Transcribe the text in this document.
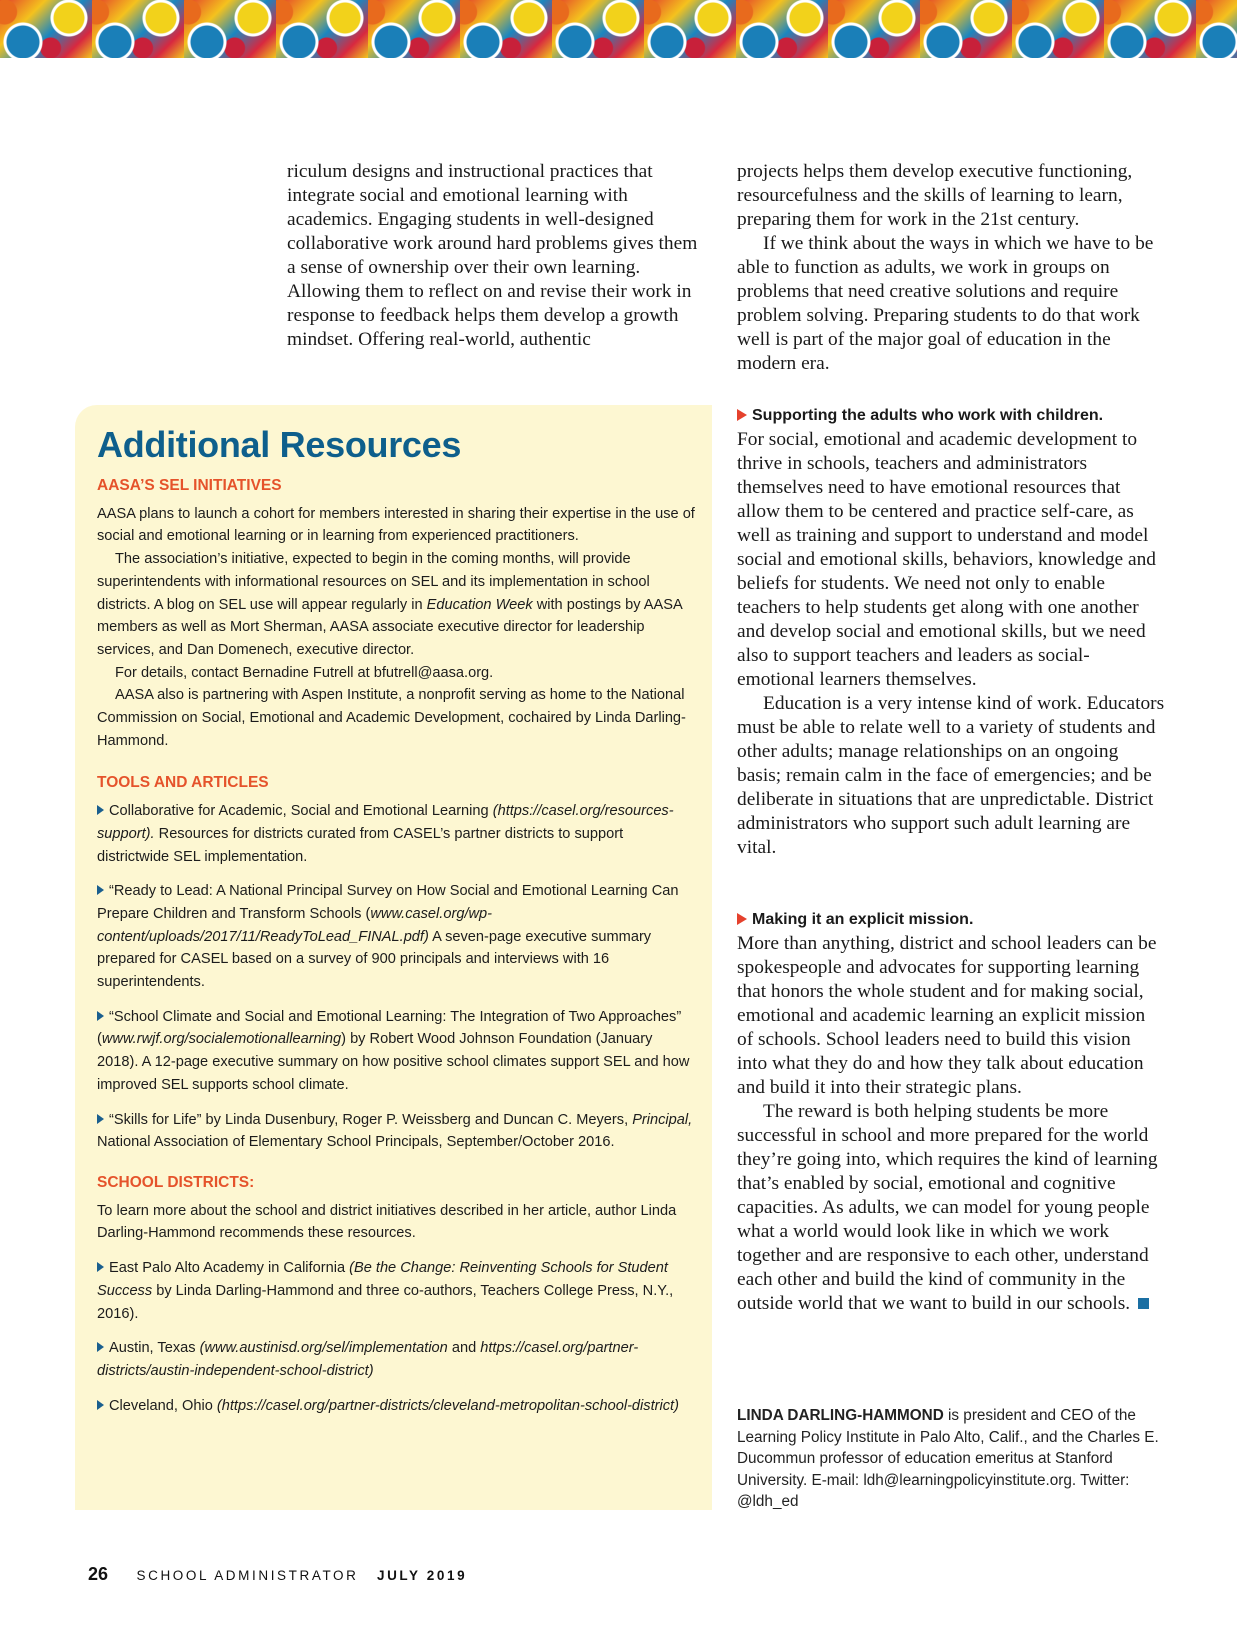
riculum designs and instructional practices that integrate social and emotional learning with academics. Engaging students in well-designed collaborative work around hard problems gives them a sense of ownership over their own learning. Allowing them to reflect on and revise their work in response to feedback helps them develop a growth mindset. Offering real-world, authentic

projects helps them develop executive functioning, resourcefulness and the skills of learning to learn, preparing them for work in the 21st century.

If we think about the ways in which we have to be able to function as adults, we work in groups on problems that need creative solutions and require problem solving. Preparing students to do that work well is part of the major goal of education in the modern era.

Supporting the adults who work with children.

For social, emotional and academic development to thrive in schools, teachers and administrators themselves need to have emotional resources that allow them to be centered and practice self-care, as well as training and support to understand and model social and emotional skills, behaviors, knowledge and beliefs for students. We need not only to enable teachers to help students get along with one another and develop social and emotional skills, but we need also to support teachers and leaders as social-emotional learners themselves.

Education is a very intense kind of work. Educators must be able to relate well to a variety of students and other adults; manage relationships on an ongoing basis; remain calm in the face of emergencies; and be deliberate in situations that are unpredictable. District administrators who support such adult learning are vital.

Making it an explicit mission.

More than anything, district and school leaders can be spokespeople and advocates for supporting learning that honors the whole student and for making social, emotional and academic learning an explicit mission of schools. School leaders need to build this vision into what they do and how they talk about education and build it into their strategic plans.

The reward is both helping students be more successful in school and more prepared for the world they’re going into, which requires the kind of learning that’s enabled by social, emotional and cognitive capacities. As adults, we can model for young people what a world would look like in which we work together and are responsive to each other, understand each other and build the kind of community in the outside world that we want to build in our schools.

Additional Resources
AASA’S SEL INITIATIVES

AASA plans to launch a cohort for members interested in sharing their expertise in the use of social and emotional learning or in learning from experienced practitioners.

The association’s initiative, expected to begin in the coming months, will provide superintendents with informational resources on SEL and its implementation in school districts. A blog on SEL use will appear regularly in Education Week with postings by AASA members as well as Mort Sherman, AASA associate executive director for leadership services, and Dan Domenech, executive director.

For details, contact Bernadine Futrell at bfutrell@aasa.org.

AASA also is partnering with Aspen Institute, a nonprofit serving as home to the National Commission on Social, Emotional and Academic Development, cochaired by Linda Darling-Hammond.

TOOLS AND ARTICLES

Collaborative for Academic, Social and Emotional Learning (https://casel.org/resources-support). Resources for districts curated from CASEL’s partner districts to support districtwide SEL implementation.

“Ready to Lead: A National Principal Survey on How Social and Emotional Learning Can Prepare Children and Transform Schools (www.casel.org/wp-content/uploads/2017/11/ReadyToLead_FINAL.pdf) A seven-page executive summary prepared for CASEL based on a survey of 900 principals and interviews with 16 superintendents.

“School Climate and Social and Emotional Learning: The Integration of Two Approaches” (www.rwjf.org/socialemotionallearning) by Robert Wood Johnson Foundation (January 2018). A 12-page executive summary on how positive school climates support SEL and how improved SEL supports school climate.

“Skills for Life” by Linda Dusenbury, Roger P. Weissberg and Duncan C. Meyers, Principal, National Association of Elementary School Principals, September/October 2016.

SCHOOL DISTRICTS:

To learn more about the school and district initiatives described in her article, author Linda Darling-Hammond recommends these resources.

East Palo Alto Academy in California (Be the Change: Reinventing Schools for Student Success by Linda Darling-Hammond and three co-authors, Teachers College Press, N.Y., 2016).

Austin, Texas (www.austinisd.org/sel/implementation and https://casel.org/partner-districts/austin-independent-school-district)

Cleveland, Ohio (https://casel.org/partner-districts/cleveland-metropolitan-school-district)

LINDA DARLING-HAMMOND is president and CEO of the Learning Policy Institute in Palo Alto, Calif., and the Charles E. Ducommun professor of education emeritus at Stanford University. E-mail: ldh@learningpolicyinstitute.org. Twitter: @ldh_ed
26 SCHOOL ADMINISTRATOR JULY 2019
